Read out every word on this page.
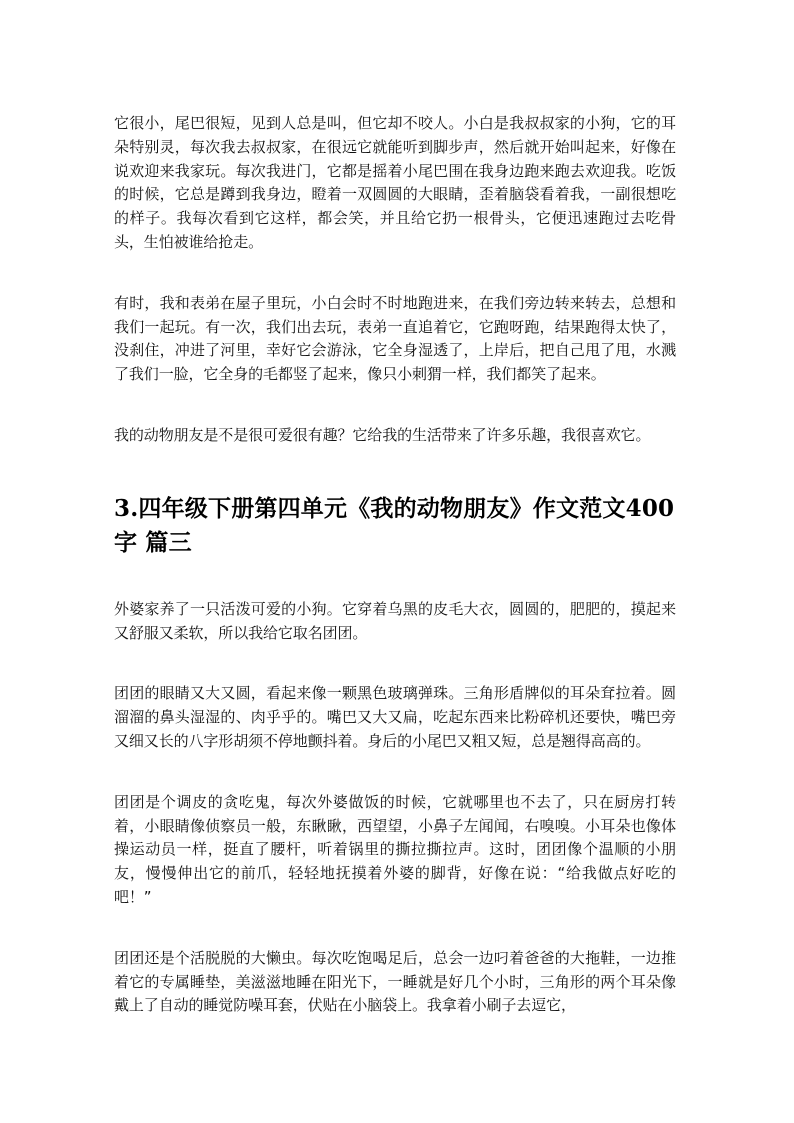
它很小，尾巴很短，见到人总是叫，但它却不咬人。小白是我叔叔家的小狗，它的耳朵特别灵，每次我去叔叔家，在很远它就能听到脚步声，然后就开始叫起来，好像在说欢迎来我家玩。每次我进门，它都是摇着小尾巴围在我身边跑来跑去欢迎我。吃饭的时候，它总是蹲到我身边，瞪着一双圆圆的大眼睛，歪着脑袋看着我，一副很想吃的样子。我每次看到它这样，都会笑，并且给它扔一根骨头，它便迅速跑过去吃骨头，生怕被谁给抢走。

有时，我和表弟在屋子里玩，小白会时不时地跑进来，在我们旁边转来转去，总想和我们一起玩。有一次，我们出去玩，表弟一直追着它，它跑呀跑，结果跑得太快了，没刹住，冲进了河里，幸好它会游泳，它全身湿透了，上岸后，把自己甩了甩，水溅了我们一脸，它全身的毛都竖了起来，像只小刺猬一样，我们都笑了起来。

我的动物朋友是不是很可爱很有趣？它给我的生活带来了许多乐趣，我很喜欢它。

3.四年级下册第四单元《我的动物朋友》作文范文400字 篇三

外婆家养了一只活泼可爱的小狗。它穿着乌黑的皮毛大衣，圆圆的，肥肥的，摸起来又舒服又柔软，所以我给它取名团团。

团团的眼睛又大又圆，看起来像一颗黑色玻璃弹珠。三角形盾牌似的耳朵耷拉着。圆溜溜的鼻头湿湿的、肉乎乎的。嘴巴又大又扁，吃起东西来比粉碎机还要快，嘴巴旁又细又长的八字形胡须不停地颤抖着。身后的小尾巴又粗又短，总是翘得高高的。

团团是个调皮的贪吃鬼，每次外婆做饭的时候，它就哪里也不去了，只在厨房打转着，小眼睛像侦察员一般，东瞅瞅，西望望，小鼻子左闻闻，右嗅嗅。小耳朵也像体操运动员一样，挺直了腰杆，听着锅里的撕拉撕拉声。这时，团团像个温顺的小朋友，慢慢伸出它的前爪，轻轻地抚摸着外婆的脚背，好像在说：“给我做点好吃的吧！”

团团还是个活脱脱的大懒虫。每次吃饱喝足后，总会一边叼着爸爸的大拖鞋，一边推着它的专属睡垫，美滋滋地睡在阳光下，一睡就是好几个小时，三角形的两个耳朵像戴上了自动的睡觉防噪耳套，伏贴在小脑袋上。我拿着小刷子去逗它，
